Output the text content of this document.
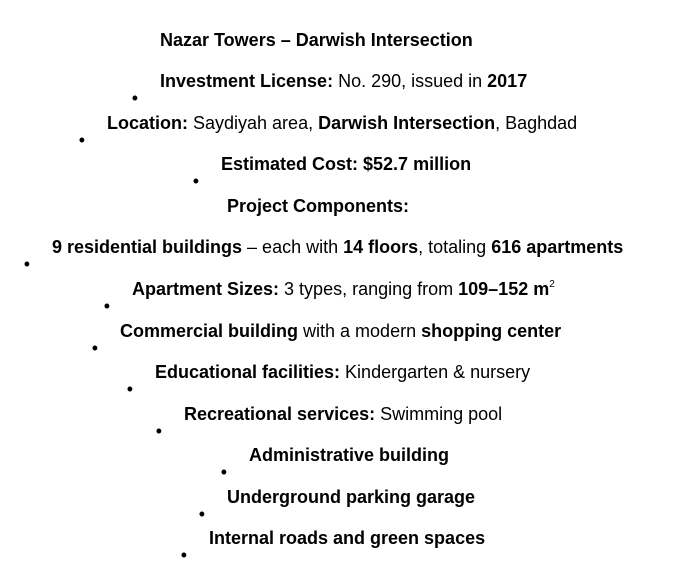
Nazar Towers – Darwish Intersection
•
Investment License: No. 290, issued in 2017
•
Location: Saydiyah area, Darwish Intersection, Baghdad
•
Estimated Cost: $52.7 million
Project Components:
•
9 residential buildings – each with 14 floors, totaling 616 apartments
•
Apartment Sizes: 3 types, ranging from 109–152 $m^2$
•
Commercial building with a modern shopping center
•
Educational facilities: Kindergarten & nursery
•
Recreational services: Swimming pool
•
Administrative building
•
Underground parking garage
•
Internal roads and green spaces
